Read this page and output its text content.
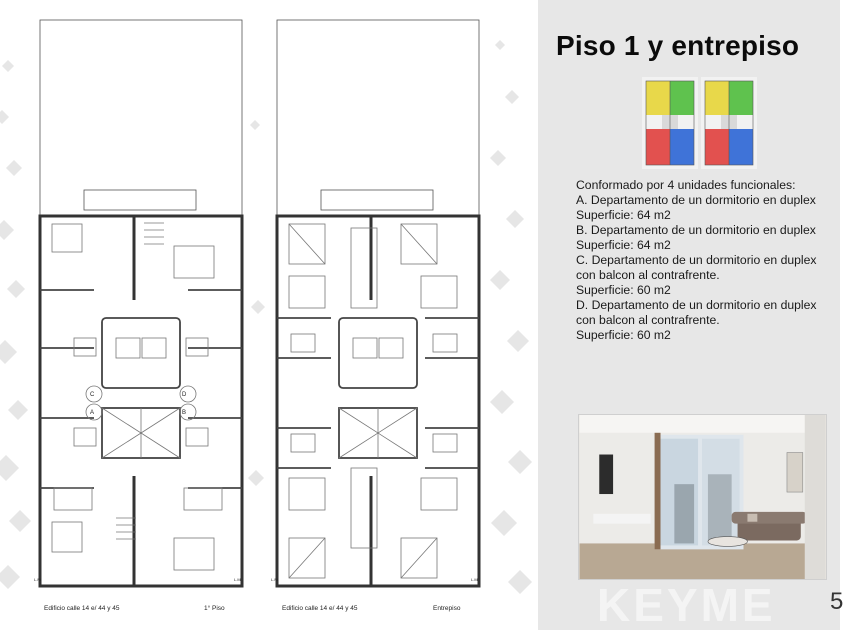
C	D
A	B
L.M	L.M	L.M	L.M
Edificio calle 14 e/ 44 y 45	1° Piso	Edificio calle 14 e/ 44 y 45	Entrepiso
Piso 1 y entrepiso
Conformado por 4 unidades funcionales:
A. Departamento de un dormitorio en duplex
Superficie: 64 m2
B. Departamento de un dormitorio en duplex
Superficie: 64 m2
C. Departamento de un dormitorio en duplex
con balcon al contrafrente.
Superficie: 60 m2
D. Departamento de un dormitorio en duplex
con balcon al contrafrente.
Superficie: 60 m2
KEYME 5
